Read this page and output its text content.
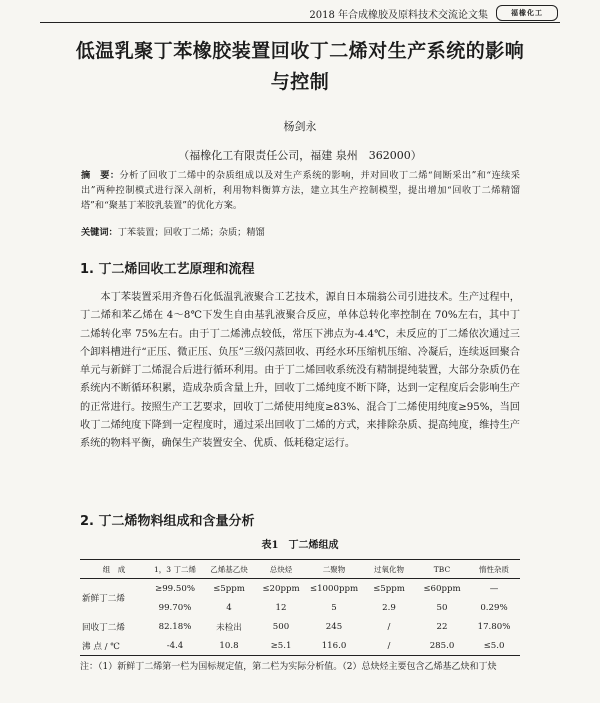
2018 年合成橡胶及原料技术交流论文集	福橡化工
低温乳聚丁苯橡胶装置回收丁二烯对生产系统的影响
与控制
杨剑永
（福橡化工有限责任公司，福建 泉州　362000）
摘　要：分析了回收丁二烯中的杂质组成以及对生产系统的影响，并对回收丁二烯“间断采出”和“连续采出”两种控制模式进行深入剖析，利用物料衡算方法，建立其生产控制模型，提出增加“回收丁二烯精馏塔”和“聚基丁苯胶乳装置”的优化方案。
关键词：丁苯装置；回收丁二烯；杂质；精馏
1. 丁二烯回收工艺原理和流程
本丁苯装置采用齐鲁石化低温乳液聚合工艺技术，源自日本瑞翁公司引进技术。生产过程中，丁二烯和苯乙烯在 4～8℃下发生自由基乳液聚合反应，单体总转化率控制在 70%左右，其中丁二烯转化率 75%左右。由于丁二烯沸点较低，常压下沸点为-4.4℃，未反应的丁二烯依次通过三个卸料槽进行“正压、微正压、负压”三级闪蒸回收、再经水环压缩机压缩、冷凝后，连续返回聚合单元与新鲜丁二烯混合后进行循环利用。由于丁二烯回收系统没有精制提纯装置，大部分杂质仍在系统内不断循环积累，造成杂质含量上升，回收丁二烯纯度不断下降，达到一定程度后会影响生产的正常进行。按照生产工艺要求，回收丁二烯使用纯度≥83%、混合丁二烯使用纯度≥95%，当回收丁二烯纯度下降到一定程度时，通过采出回收丁二烯的方式，来排除杂质、提高纯度，维持生产系统的物料平衡，确保生产装置安全、优质、低耗稳定运行。
2. 丁二烯物料组成和含量分析
表1　丁二烯组成
组　成	1，3 丁二烯	乙烯基乙炔	总炔烃	二聚物	过氧化物	TBC	惰性杂质
新鲜丁二烯	≥99.50%	≤5ppm	≤20ppm	≤1000ppm	≤5ppm	≤60ppm	—
	99.70%	4	12	5	2.9	50	0.29%
回收丁二烯	82.18%	未检出	500	245	/	22	17.80%
沸 点 / ℃	-4.4	10.8	≥5.1	116.0	/	285.0	≤5.0
注：（1）新鲜丁二烯第一栏为国标规定值，第二栏为实际分析值。（2）总炔烃主要包含乙烯基乙炔和丁炔
